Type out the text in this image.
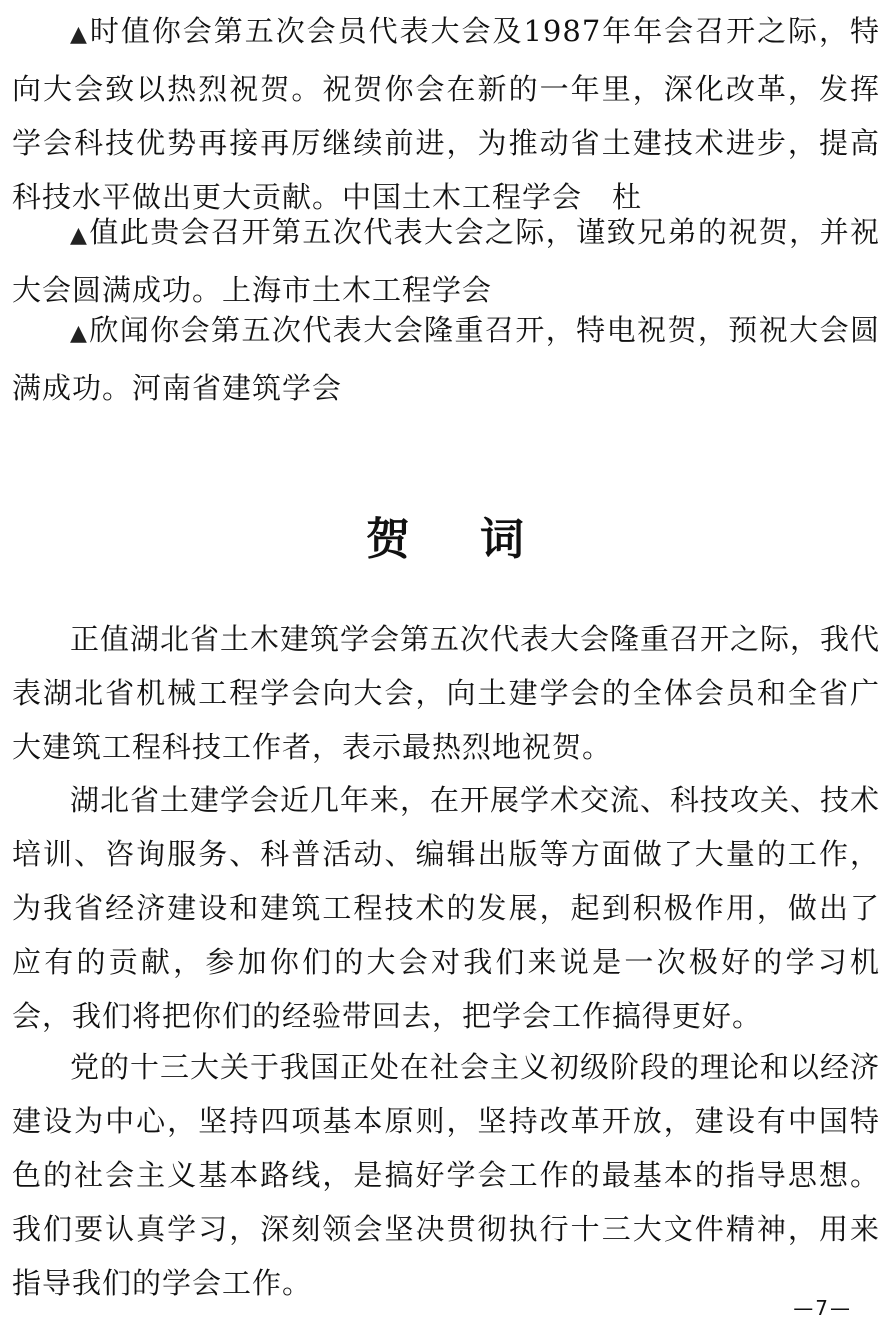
▲时值你会第五次会员代表大会及1987年年会召开之际，特向大会致以热烈祝贺。祝贺你会在新的一年里，深化改革，发挥学会科技优势再接再厉继续前进，为推动省土建技术进步，提高科技水平做出更大贡献。中国土木工程学会　杜

▲值此贵会召开第五次代表大会之际，谨致兄弟的祝贺，并祝大会圆满成功。上海市土木工程学会

▲欣闻你会第五次代表大会隆重召开，特电祝贺，预祝大会圆满成功。河南省建筑学会

贺词

正值湖北省土木建筑学会第五次代表大会隆重召开之际，我代表湖北省机械工程学会向大会，向土建学会的全体会员和全省广大建筑工程科技工作者，表示最热烈地祝贺。

湖北省土建学会近几年来，在开展学术交流、科技攻关、技术培训、咨询服务、科普活动、编辑出版等方面做了大量的工作，为我省经济建设和建筑工程技术的发展，起到积极作用，做出了应有的贡献，参加你们的大会对我们来说是一次极好的学习机会，我们将把你们的经验带回去，把学会工作搞得更好。

党的十三大关于我国正处在社会主义初级阶段的理论和以经济建设为中心，坚持四项基本原则，坚持改革开放，建设有中国特色的社会主义基本路线，是搞好学会工作的最基本的指导思想。我们要认真学习，深刻领会坚决贯彻执行十三大文件精神，用来指导我们的学会工作。

—7—
